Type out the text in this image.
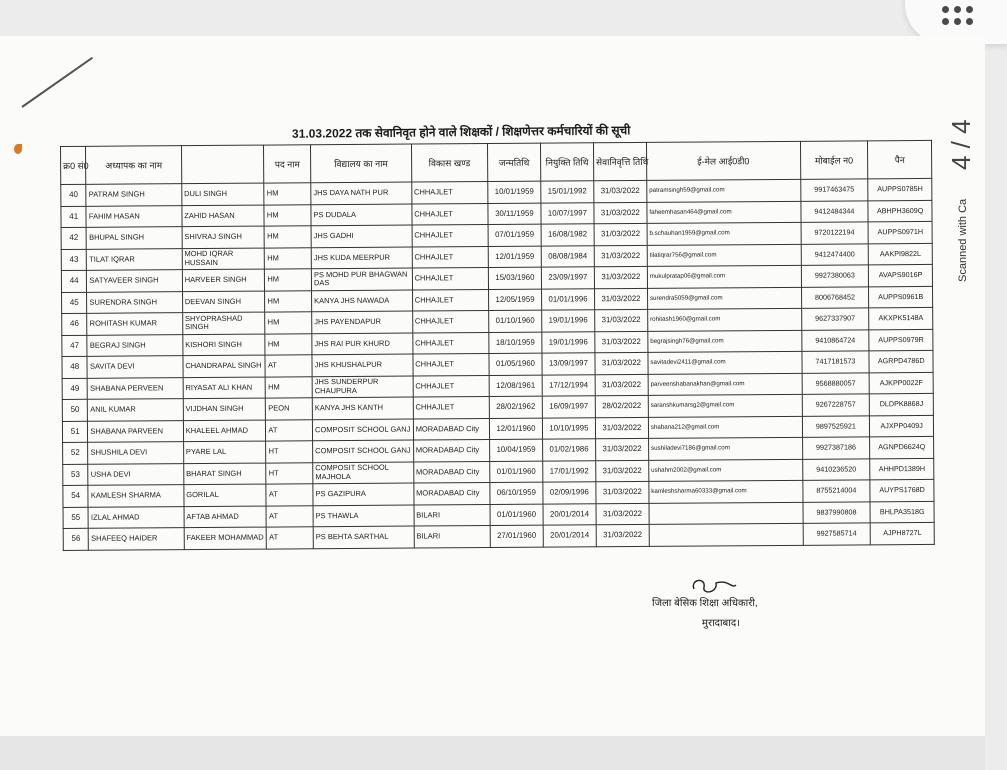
31.03.2022 तक सेवानिवृत होने वाले शिक्षकों / शिक्षणेत्तर कर्मचारियों की सूची
क्र0 सं0	अध्यापक का नाम		पद नाम	विद्यालय का नाम	विकास खण्ड	जन्मतिथि	नियुक्ति तिथि	सेवानिवृत्ति तिथि	ई-मेल आई0डी0	मोबाईल न0	पैन
40	PATRAM SINGH	DULI SINGH	HM	JHS DAYA NATH PUR	CHHAJLET	10/01/1959	15/01/1992	31/03/2022	patramsingh59@gmail.com	9917463475	AUPPS0785H
41	FAHIM HASAN	ZAHID HASAN	HM	PS DUDALA	CHHAJLET	30/11/1959	10/07/1997	31/03/2022	faheemhasan464@gmail.com	9412484344	ABHPH3609Q
42	BHUPAL SINGH	SHIVRAJ SINGH	HM	JHS GADHI	CHHAJLET	07/01/1959	16/08/1982	31/03/2022	b.schauhan1959@gmail.com	9720122194	AUPPS0971H
43	TILAT IQRAR	MOHD IQRAR HUSSAIN	HM	JHS KUDA MEERPUR	CHHAJLET	12/01/1959	08/08/1984	31/03/2022	tilatiqrar756@gmail.com	9412474400	AAKPI9822L
44	SATYAVEER SINGH	HARVEER SINGH	HM	PS MOHD PUR BHAGWAN DAS	CHHAJLET	15/03/1960	23/09/1997	31/03/2022	mukulpratap06@gmail.com	9927380063	AVAPS9016P
45	SURENDRA SINGH	DEEVAN SINGH	HM	KANYA JHS NAWADA	CHHAJLET	12/05/1959	01/01/1996	31/03/2022	surendra5059@gmail.com	8006768452	AUPPS0961B
46	ROHITASH KUMAR	SHYOPRASHAD SINGH	HM	JHS PAYENDAPUR	CHHAJLET	01/10/1960	19/01/1996	31/03/2022	rohitash1960@gmail.com	9627337907	AKXPK5148A
47	BEGRAJ SINGH	KISHORI SINGH	HM	JHS RAI PUR KHURD	CHHAJLET	18/10/1959	19/01/1996	31/03/2022	begrajsingh76@gmail.com	9410864724	AUPPS0979R
48	SAVITA DEVI	CHANDRAPAL SINGH	AT	JHS KHUSHALPUR	CHHAJLET	01/05/1960	13/09/1997	31/03/2022	savitadevi2411@gmail.com	7417181573	AGRPD4786D
49	SHABANA PERVEEN	RIYASAT ALI KHAN	HM	JHS SUNDERPUR CHAUPURA	CHHAJLET	12/08/1961	17/12/1994	31/03/2022	parveenshabanakhan@gmail.com	9568880057	AJKPP0022F
50	ANIL KUMAR	VIJDHAN SINGH	PEON	KANYA JHS KANTH	CHHAJLET	28/02/1962	16/09/1997	28/02/2022	saranshkumarsg2@gmail.com	9267228757	DLDPK8868J
51	SHABANA PARVEEN	KHALEEL AHMAD	AT	COMPOSIT SCHOOL GANJ	MORADABAD City	12/01/1960	10/10/1995	31/03/2022	shabana212@gmail.com	9897525921	AJXPP0409J
52	SHUSHILA DEVI	PYARE LAL	HT	COMPOSIT SCHOOL GANJ	MORADABAD City	10/04/1959	01/02/1986	31/03/2022	sushiladevi7186@gmail.com	9927387186	AGNPD6624Q
53	USHA DEVI	BHARAT SINGH	HT	COMPOSIT SCHOOL MAJHOLA	MORADABAD City	01/01/1960	17/01/1992	31/03/2022	ushahm2002@gmail.com	9410236520	AHHPD1389H
54	KAMLESH SHARMA	GORILAL	AT	PS GAZIPURA	MORADABAD City	06/10/1959	02/09/1996	31/03/2022	kamleshsharma60333@gmail.com	8755214004	AUYPS1768D
55	IZLAL AHMAD	AFTAB AHMAD	AT	PS THAWLA	BILARI	01/01/1960	20/01/2014	31/03/2022		9837990808	BHLPA3518G
56	SHAFEEQ HAIDER	FAKEER MOHAMMAD	AT	PS BEHTA SARTHAL	BILARI	27/01/1960	20/01/2014	31/03/2022		9927585714	AJPH8727L
जिला बेसिक शिक्षा अधिकारी,
मुरादाबाद।
4 / 4
Scanned with Ca
